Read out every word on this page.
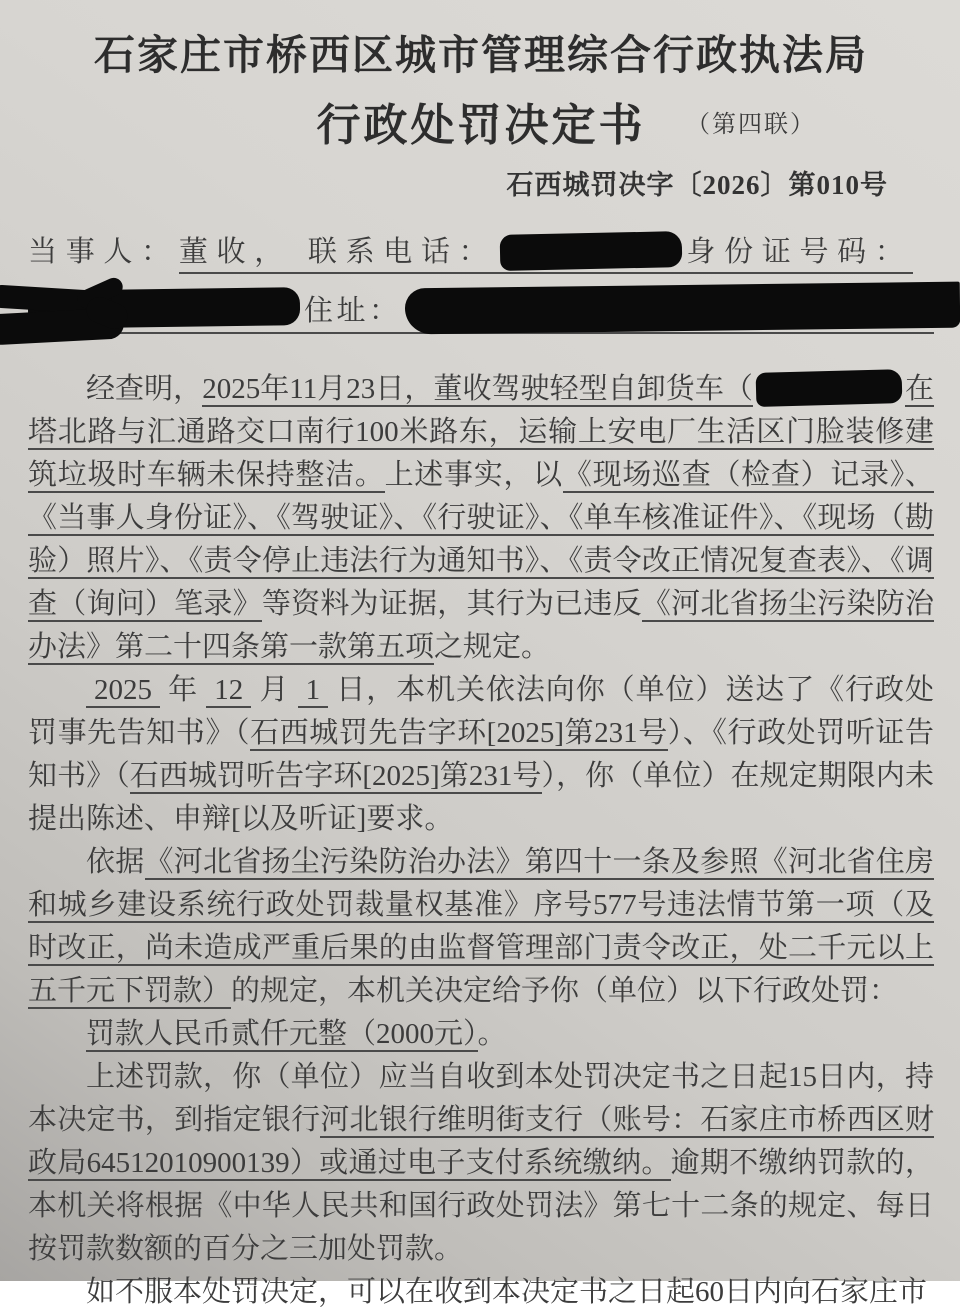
石家庄市桥西区城市管理综合行政执法局
行政处罚决定书	（第四联）
石西城罚决字〔2026〕第010号
当事人：董收， 联系电话：	身份证号码：
住址：

经查明，2025年11月23日，董收驾驶轻型自卸货车（	在塔北路与汇通路交口南行100米路东，运输上安电厂生活区门脸装修建筑垃圾时车辆未保持整洁。上述事实，以《现场巡查（检查）记录》、《当事人身份证》、《驾驶证》、《行驶证》、《单车核准证件》、《现场（勘验）照片》、《责令停止违法行为通知书》、《责令改正情况复查表》、《调查（询问）笔录》等资料为证据，其行为已违反《河北省扬尘污染防治办法》第二十四条第一款第五项之规定。

2025 年 12 月 1 日，本机关依法向你（单位）送达了《行政处罚事先告知书》（石西城罚先告字环[2025]第231号）、《行政处罚听证告知书》（石西城罚听告字环[2025]第231号），你（单位）在规定期限内未提出陈述、申辩[以及听证]要求。

依据《河北省扬尘污染防治办法》第四十一条及参照《河北省住房和城乡建设系统行政处罚裁量权基准》序号577号违法情节第一项（及时改正，尚未造成严重后果的由监督管理部门责令改正，处二千元以上五千元下罚款）的规定，本机关决定给予你（单位）以下行政处罚：

罚款人民币贰仟元整（2000元）。

上述罚款，你（单位）应当自收到本处罚决定书之日起15日内，持本决定书，到指定银行河北银行维明街支行（账号：石家庄市桥西区财政局64512010900139）或通过电子支付系统缴纳。逾期不缴纳罚款的，本机关将根据《中华人民共和国行政处罚法》第七十二条的规定、每日按罚款数额的百分之三加处罚款。

如不服本处罚决定，可以在收到本决定书之日起60日内向石家庄市
